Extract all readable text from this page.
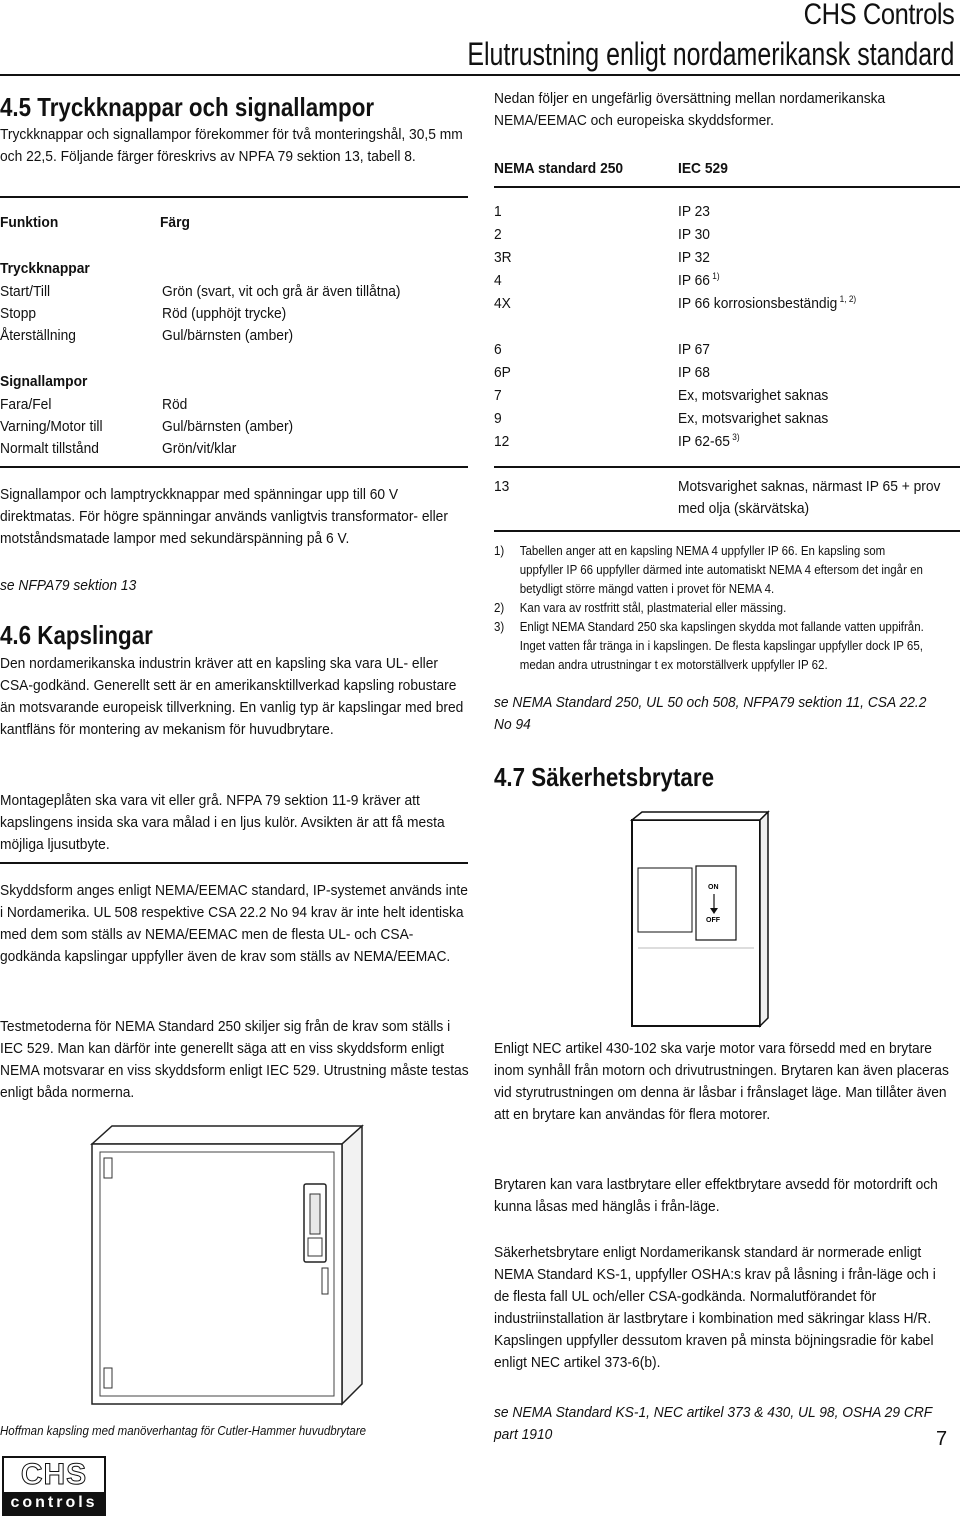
CHS Controls
Elutrustning enligt nordamerikansk standard
4.5 Tryckknappar och signallampor
Tryckknappar och signallampor förekommer för två monteringshål, 30,5 mm och 22,5. Följande färger föreskrivs av NPFA 79 sektion 13, tabell 8.
Funktion	Färg
Tryckknappar
Start/Till	Grön (svart, vit och grå är även tillåtna)
Stopp	Röd (upphöjt trycke)
Återställning	Gul/bärnsten (amber)
Signallampor
Fara/Fel	Röd
Varning/Motor till	Gul/bärnsten (amber)
Normalt tillstånd	Grön/vit/klar
Signallampor och lamptryckknappar med spänningar upp till 60 V direktmatas. För högre spänningar används vanligtvis transformator- eller motståndsmatade lampor med sekundärspänning på 6 V.
se NFPA79 sektion 13
4.6 Kapslingar
Den nordamerikanska industrin kräver att en kapsling ska vara UL- eller CSA-godkänd. Generellt sett är en amerikansktillverkad kapsling robustare än motsvarande europeisk tillverkning. En vanlig typ är kapslingar med bred kantfläns för montering av mekanism för huvudbrytare.
Montageplåten ska vara vit eller grå. NFPA 79 sektion 11-9 kräver att kapslingens insida ska vara målad i en ljus kulör. Avsikten är att få mesta möjliga ljusutbyte.
Skyddsform anges enligt NEMA/EEMAC standard, IP-systemet används inte i Nordamerika. UL 508 respektive CSA 22.2 No 94 krav är inte helt identiska med dem som ställs av NEMA/EEMAC men de flesta UL- och CSA-godkända kapslingar uppfyller även de krav som ställs av NEMA/EEMAC.
Testmetoderna för NEMA Standard 250 skiljer sig från de krav som ställs i IEC 529. Man kan därför inte generellt säga att en viss skyddsform enligt NEMA motsvarar en viss skyddsform enligt IEC 529. Utrustning måste testas enligt båda normerna.
Hoffman kapsling med manöverhantag för Cutler-Hammer huvudbrytare
CHS
controls
Nedan följer en ungefärlig översättning mellan nordamerikanska NEMA/EEMAC och europeiska skyddsformer.
NEMA standard 250	IEC 529
1	IP 23
2	IP 30
3R	IP 32
4	IP 66 $^{1)}$
4X	IP 66 korrosionsbeständig $^{1, 2)}$
6	IP 67
6P	IP 68
7	Ex, motsvarighet saknas
9	Ex, motsvarighet saknas
12	IP 62-65 $^{3)}$
13	Motsvarighet saknas, närmast IP 65 + prov med olja (skärvätska)
1) Tabellen anger att en kapsling NEMA 4 uppfyller IP 66. En kapsling som uppfyller IP 66 uppfyller därmed inte automatiskt NEMA 4 eftersom det ingår en betydligt större mängd vatten i provet för NEMA 4.
2) Kan vara av rostfritt stål, plastmaterial eller mässing.
3) Enligt NEMA Standard 250 ska kapslingen skydda mot fallande vatten uppifrån. Inget vatten får tränga in i kapslingen. De flesta kapslingar uppfyller dock IP 65, medan andra utrustningar t ex motorställverk uppfyller IP 62.
se NEMA Standard 250, UL 50 och 508, NFPA79 sektion 11, CSA 22.2 No 94
4.7 Säkerhetsbrytare
ON
OFF
Enligt NEC artikel 430-102 ska varje motor vara försedd med en brytare inom synhåll från motorn och drivutrustningen. Brytaren kan även placeras vid styrutrustningen om denna är låsbar i frånslaget läge. Man tillåter även att en brytare kan användas för flera motorer.
Brytaren kan vara lastbrytare eller effektbrytare avsedd för motordrift och kunna låsas med hänglås i från-läge.
Säkerhetsbrytare enligt Nordamerikansk standard är normerade enligt NEMA Standard KS-1, uppfyller OSHA:s krav på låsning i från-läge och i de flesta fall UL och/eller CSA-godkända. Normalutförandet för industriinstallation är lastbrytare i kombination med säkringar klass H/R. Kapslingen uppfyller dessutom kraven på minsta böjningsradie för kabel enligt NEC artikel 373-6(b).
se NEMA Standard KS-1, NEC artikel 373 & 430, UL 98, OSHA 29 CRF part 1910	7
